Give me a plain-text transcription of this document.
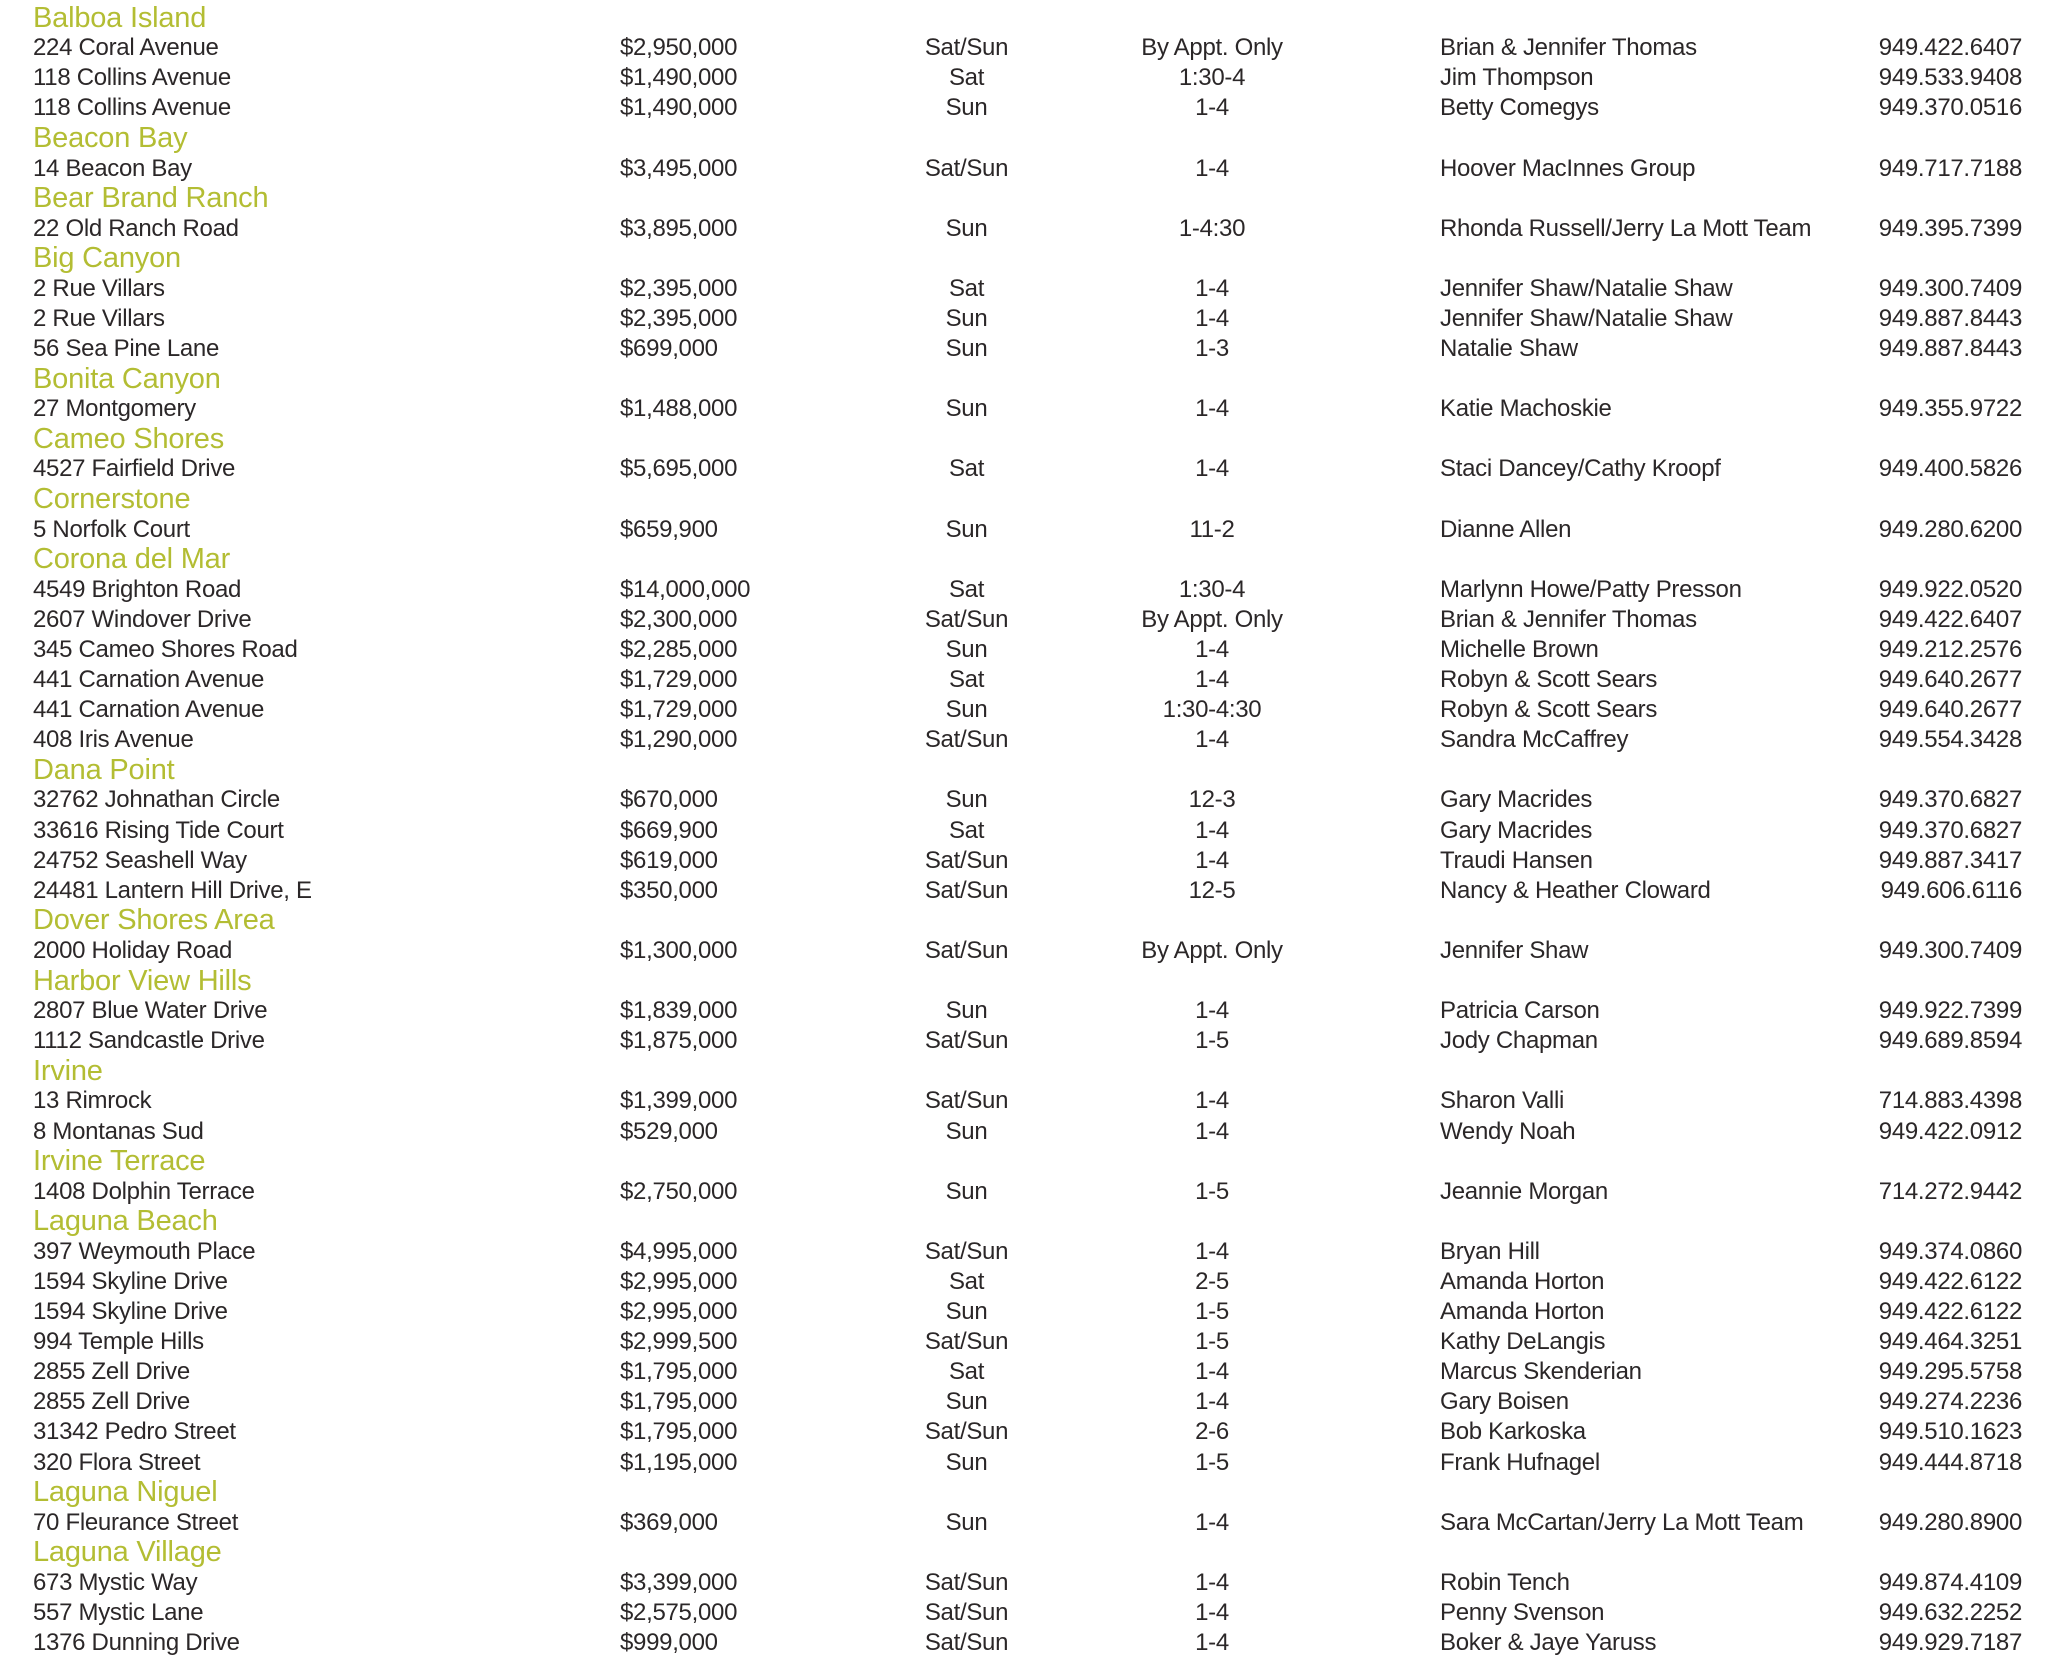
Balboa Island
224 Coral Avenue	$2,950,000	Sat/Sun	By Appt. Only	Brian & Jennifer Thomas	949.422.6407
118 Collins Avenue	$1,490,000	Sat	1:30-4	Jim Thompson	949.533.9408
118 Collins Avenue	$1,490,000	Sun	1-4	Betty Comegys	949.370.0516
Beacon Bay
14 Beacon Bay	$3,495,000	Sat/Sun	1-4	Hoover MacInnes Group	949.717.7188
Bear Brand Ranch
22 Old Ranch Road	$3,895,000	Sun	1-4:30	Rhonda Russell/Jerry La Mott Team	949.395.7399
Big Canyon
2 Rue Villars	$2,395,000	Sat	1-4	Jennifer Shaw/Natalie Shaw	949.300.7409
2 Rue Villars	$2,395,000	Sun	1-4	Jennifer Shaw/Natalie Shaw	949.887.8443
56 Sea Pine Lane	$699,000	Sun	1-3	Natalie Shaw	949.887.8443
Bonita Canyon
27 Montgomery	$1,488,000	Sun	1-4	Katie Machoskie	949.355.9722
Cameo Shores
4527 Fairfield Drive	$5,695,000	Sat	1-4	Staci Dancey/Cathy Kroopf	949.400.5826
Cornerstone
5 Norfolk Court	$659,900	Sun	11-2	Dianne Allen	949.280.6200
Corona del Mar
4549 Brighton Road	$14,000,000	Sat	1:30-4	Marlynn Howe/Patty Presson	949.922.0520
2607 Windover Drive	$2,300,000	Sat/Sun	By Appt. Only	Brian & Jennifer Thomas	949.422.6407
345 Cameo Shores Road	$2,285,000	Sun	1-4	Michelle Brown	949.212.2576
441 Carnation Avenue	$1,729,000	Sat	1-4	Robyn & Scott Sears	949.640.2677
441 Carnation Avenue	$1,729,000	Sun	1:30-4:30	Robyn & Scott Sears	949.640.2677
408 Iris Avenue	$1,290,000	Sat/Sun	1-4	Sandra McCaffrey	949.554.3428
Dana Point
32762 Johnathan Circle	$670,000	Sun	12-3	Gary Macrides	949.370.6827
33616 Rising Tide Court	$669,900	Sat	1-4	Gary Macrides	949.370.6827
24752 Seashell Way	$619,000	Sat/Sun	1-4	Traudi Hansen	949.887.3417
24481 Lantern Hill Drive, E	$350,000	Sat/Sun	12-5	Nancy & Heather Cloward	949.606.6116
Dover Shores Area
2000 Holiday Road	$1,300,000	Sat/Sun	By Appt. Only	Jennifer Shaw	949.300.7409
Harbor View Hills
2807 Blue Water Drive	$1,839,000	Sun	1-4	Patricia Carson	949.922.7399
1112 Sandcastle Drive	$1,875,000	Sat/Sun	1-5	Jody Chapman	949.689.8594
Irvine
13 Rimrock	$1,399,000	Sat/Sun	1-4	Sharon Valli	714.883.4398
8 Montanas Sud	$529,000	Sun	1-4	Wendy Noah	949.422.0912
Irvine Terrace
1408 Dolphin Terrace	$2,750,000	Sun	1-5	Jeannie Morgan	714.272.9442
Laguna Beach
397 Weymouth Place	$4,995,000	Sat/Sun	1-4	Bryan Hill	949.374.0860
1594 Skyline Drive	$2,995,000	Sat	2-5	Amanda Horton	949.422.6122
1594 Skyline Drive	$2,995,000	Sun	1-5	Amanda Horton	949.422.6122
994 Temple Hills	$2,999,500	Sat/Sun	1-5	Kathy DeLangis	949.464.3251
2855 Zell Drive	$1,795,000	Sat	1-4	Marcus Skenderian	949.295.5758
2855 Zell Drive	$1,795,000	Sun	1-4	Gary Boisen	949.274.2236
31342 Pedro Street	$1,795,000	Sat/Sun	2-6	Bob Karkoska	949.510.1623
320 Flora Street	$1,195,000	Sun	1-5	Frank Hufnagel	949.444.8718
Laguna Niguel
70 Fleurance Street	$369,000	Sun	1-4	Sara McCartan/Jerry La Mott Team	949.280.8900
Laguna Village
673 Mystic Way	$3,399,000	Sat/Sun	1-4	Robin Tench	949.874.4109
557 Mystic Lane	$2,575,000	Sat/Sun	1-4	Penny Svenson	949.632.2252
1376 Dunning Drive	$999,000	Sat/Sun	1-4	Boker & Jaye Yaruss	949.929.7187
